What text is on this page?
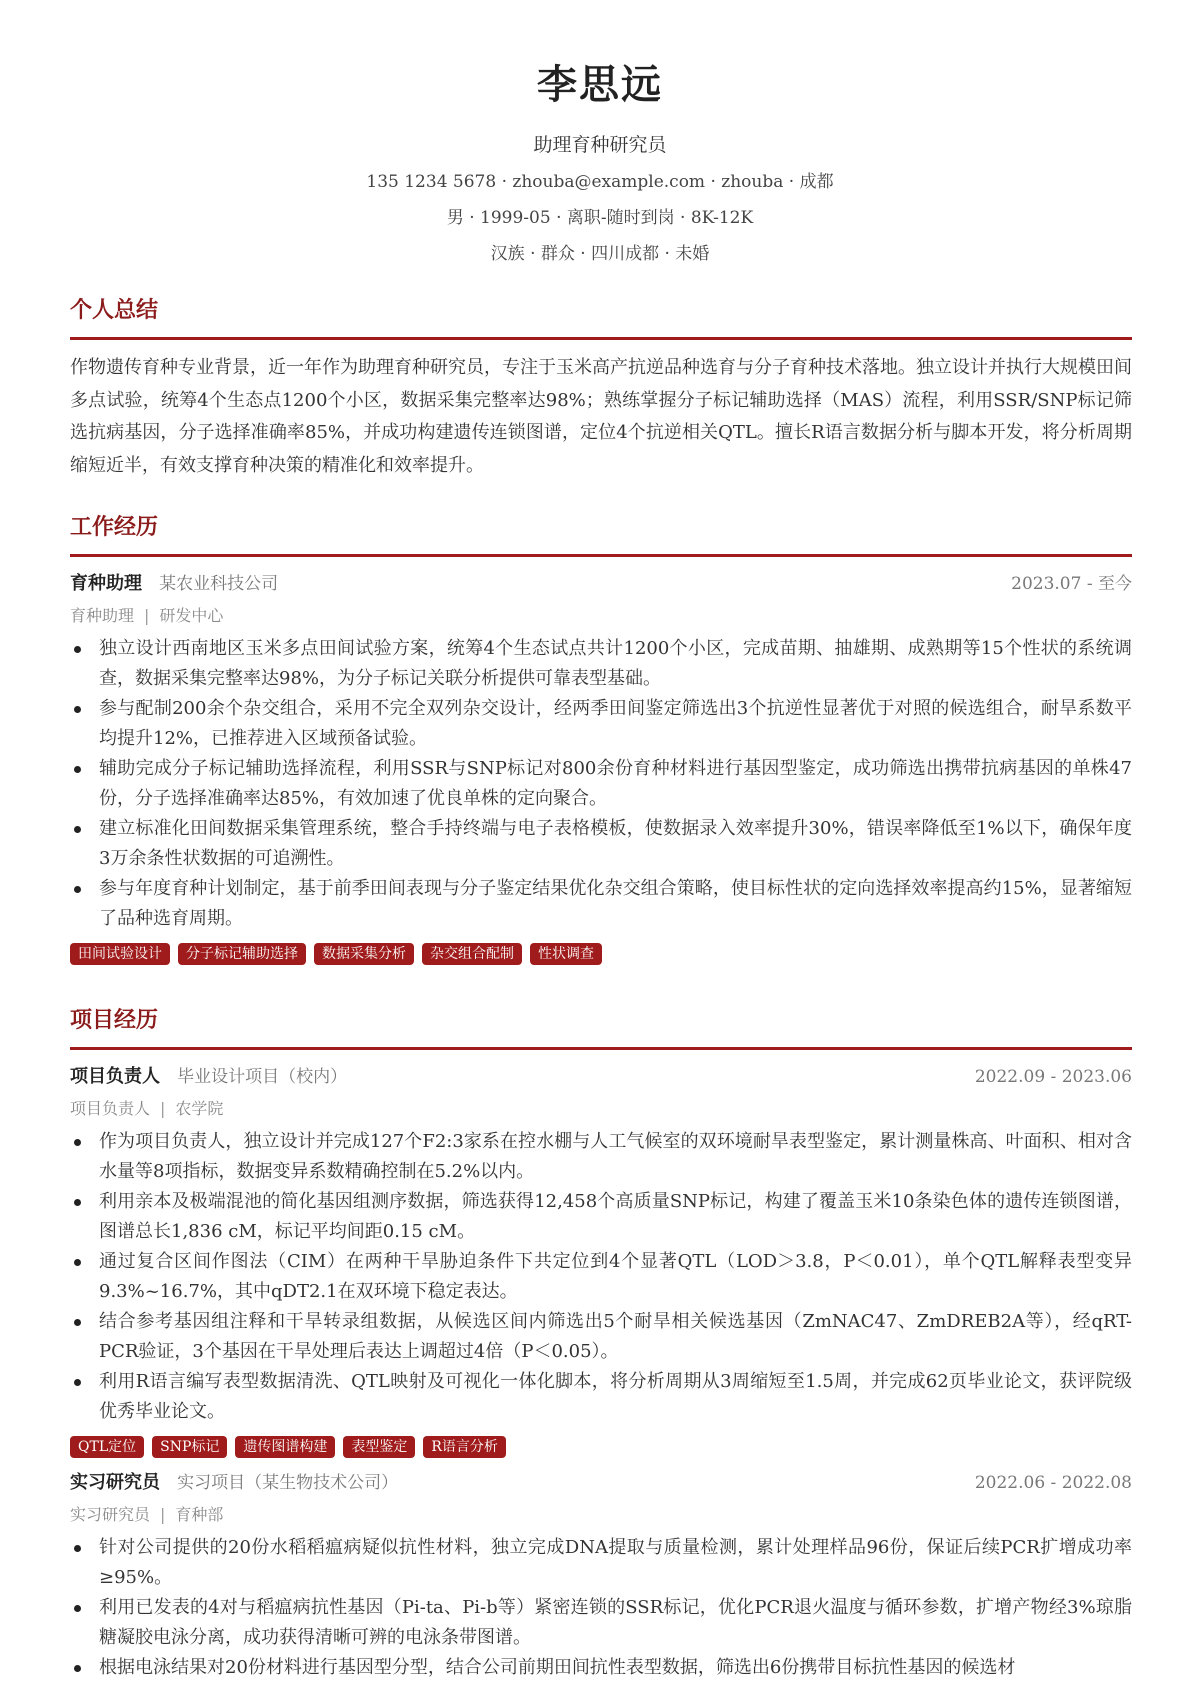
李思远
助理育种研究员
135 1234 5678 · zhouba@example.com · zhouba · 成都
男 · 1999-05 · 离职-随时到岗 · 8K-12K
汉族 · 群众 · 四川成都 · 未婚
个人总结
作物遗传育种专业背景，近一年作为助理育种研究员，专注于玉米高产抗逆品种选育与分子育种技术落地。独立设计并执行大规模田间多点试验，统筹4个生态点1200个小区，数据采集完整率达98%；熟练掌握分子标记辅助选择（MAS）流程，利用SSR/SNP标记筛选抗病基因，分子选择准确率85%，并成功构建遗传连锁图谱，定位4个抗逆相关QTL。擅长R语言数据分析与脚本开发，将分析周期缩短近半，有效支撑育种决策的精准化和效率提升。
工作经历
育种助理 某农业科技公司	2023.07 - 至今
育种助理 | 研发中心
独立设计西南地区玉米多点田间试验方案，统筹4个生态试点共计1200个小区，完成苗期、抽雄期、成熟期等15个性状的系统调查，数据采集完整率达98%，为分子标记关联分析提供可靠表型基础。
参与配制200余个杂交组合，采用不完全双列杂交设计，经两季田间鉴定筛选出3个抗逆性显著优于对照的候选组合，耐旱系数平均提升12%，已推荐进入区域预备试验。
辅助完成分子标记辅助选择流程，利用SSR与SNP标记对800余份育种材料进行基因型鉴定，成功筛选出携带抗病基因的单株47份，分子选择准确率达85%，有效加速了优良单株的定向聚合。
建立标准化田间数据采集管理系统，整合手持终端与电子表格模板，使数据录入效率提升30%，错误率降低至1%以下，确保年度3万余条性状数据的可追溯性。
参与年度育种计划制定，基于前季田间表现与分子鉴定结果优化杂交组合策略，使目标性状的定向选择效率提高约15%，显著缩短了品种选育周期。
田间试验设计	分子标记辅助选择	数据采集分析	杂交组合配制	性状调查
项目经历
项目负责人 毕业设计项目（校内）	2022.09 - 2023.06
项目负责人 | 农学院
作为项目负责人，独立设计并完成127个F2:3家系在控水棚与人工气候室的双环境耐旱表型鉴定，累计测量株高、叶面积、相对含水量等8项指标，数据变异系数精确控制在5.2%以内。
利用亲本及极端混池的简化基因组测序数据，筛选获得12,458个高质量SNP标记，构建了覆盖玉米10条染色体的遗传连锁图谱，图谱总长1,836 cM，标记平均间距0.15 cM。
通过复合区间作图法（CIM）在两种干旱胁迫条件下共定位到4个显著QTL（LOD＞3.8，P＜0.01），单个QTL解释表型变异9.3%~16.7%，其中qDT2.1在双环境下稳定表达。
结合参考基因组注释和干旱转录组数据，从候选区间内筛选出5个耐旱相关候选基因（ZmNAC47、ZmDREB2A等），经qRT-PCR验证，3个基因在干旱处理后表达上调超过4倍（P＜0.05）。
利用R语言编写表型数据清洗、QTL映射及可视化一体化脚本，将分析周期从3周缩短至1.5周，并完成62页毕业论文，获评院级优秀毕业论文。
QTL定位	SNP标记	遗传图谱构建	表型鉴定	R语言分析
实习研究员 实习项目（某生物技术公司）	2022.06 - 2022.08
实习研究员 | 育种部
针对公司提供的20份水稻稻瘟病疑似抗性材料，独立完成DNA提取与质量检测，累计处理样品96份，保证后续PCR扩增成功率≥95%。
利用已发表的4对与稻瘟病抗性基因（Pi-ta、Pi-b等）紧密连锁的SSR标记，优化PCR退火温度与循环参数，扩增产物经3%琼脂糖凝胶电泳分离，成功获得清晰可辨的电泳条带图谱。
根据电泳结果对20份材料进行基因型分型，结合公司前期田间抗性表型数据，筛选出6份携带目标抗性基因的候选材
